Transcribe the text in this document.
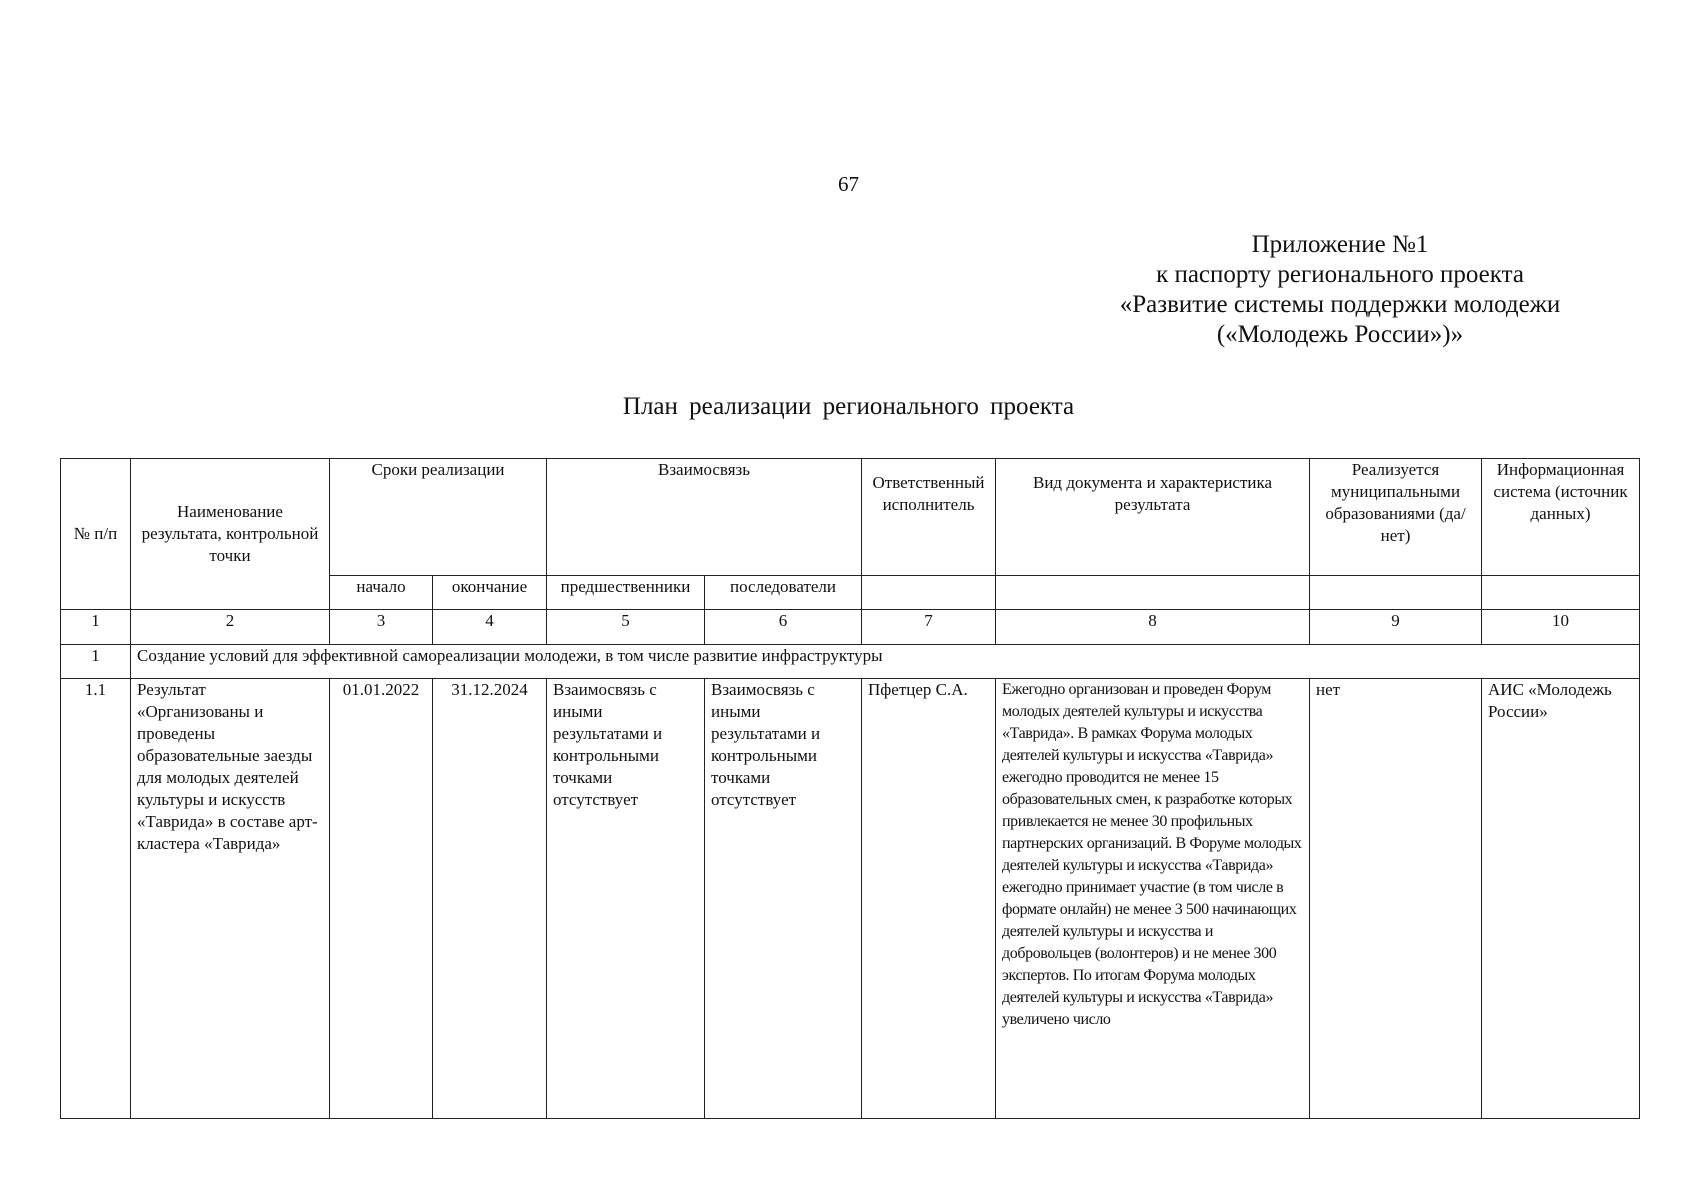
67
Приложение №1
к паспорту регионального проекта
«Развитие системы поддержки молодежи
(«Молодежь России»)»
План реализации регионального проекта
№ п/п	Наименование результата, контрольной точки	Сроки реализации		Взаимосвязь		Ответственный исполнитель	Вид документа и характеристика результата	Реализуется муниципальными образованиями (да/нет)	Информационная система (источник данных)
		начало	окончание	предшественники	последователи				
1	2	3	4	5	6	7	8	9	10
1	Создание условий для эффективной самореализации молодежи, в том числе развитие инфраструктуры								
1.1	Результат «Организованы и проведены образовательные заезды для молодых деятелей культуры и искусств «Таврида» в составе арт-кластера «Таврида»	01.01.2022	31.12.2024	Взаимосвязь с иными результатами и контрольными точками отсутствует	Взаимосвязь с иными результатами и контрольными точками отсутствует	Пфетцер С.А.	Ежегодно организован и проведен Форум молодых деятелей культуры и искусства «Таврида». В рамках Форума молодых деятелей культуры и искусства «Таврида» ежегодно проводится не менее 15 образовательных смен, к разработке которых привлекается не менее 30 профильных партнерских организаций. В Форуме молодых деятелей культуры и искусства «Таврида» ежегодно принимает участие (в том числе в формате онлайн) не менее 3 500 начинающих деятелей культуры и искусства и добровольцев (волонтеров) и не менее 300 экспертов. По итогам Форума молодых деятелей культуры и искусства «Таврида» увеличено число	нет	АИС «Молодежь России»
